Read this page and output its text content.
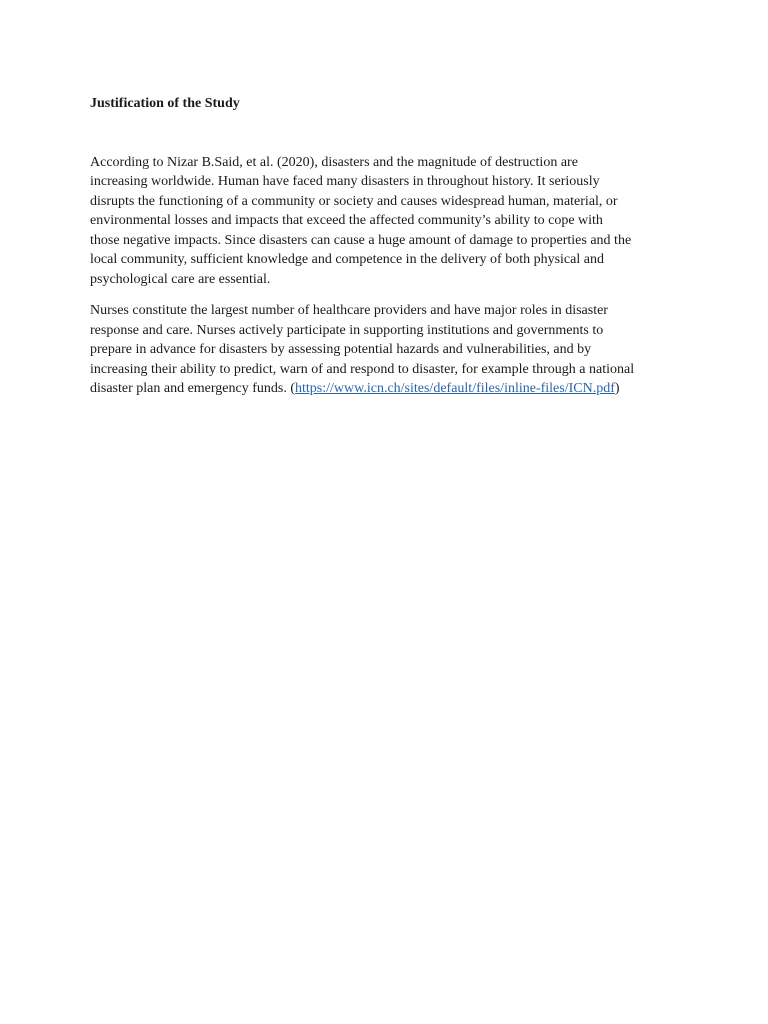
Justification of the Study

According to Nizar B.Said, et al. (2020), disasters and the magnitude of destruction are
increasing worldwide. Human have faced many disasters in throughout history. It seriously
disrupts the functioning of a community or society and causes widespread human, material, or
environmental losses and impacts that exceed the affected community’s ability to cope with
those negative impacts. Since disasters can cause a huge amount of damage to properties and the
local community, sufficient knowledge and competence in the delivery of both physical and
psychological care are essential.

Nurses constitute the largest number of healthcare providers and have major roles in disaster
response and care. Nurses actively participate in supporting institutions and governments to
prepare in advance for disasters by assessing potential hazards and vulnerabilities, and by
increasing their ability to predict, warn of and respond to disaster, for example through a national
disaster plan and emergency funds. (https://www.icn.ch/sites/default/files/inline-files/ICN.pdf)
